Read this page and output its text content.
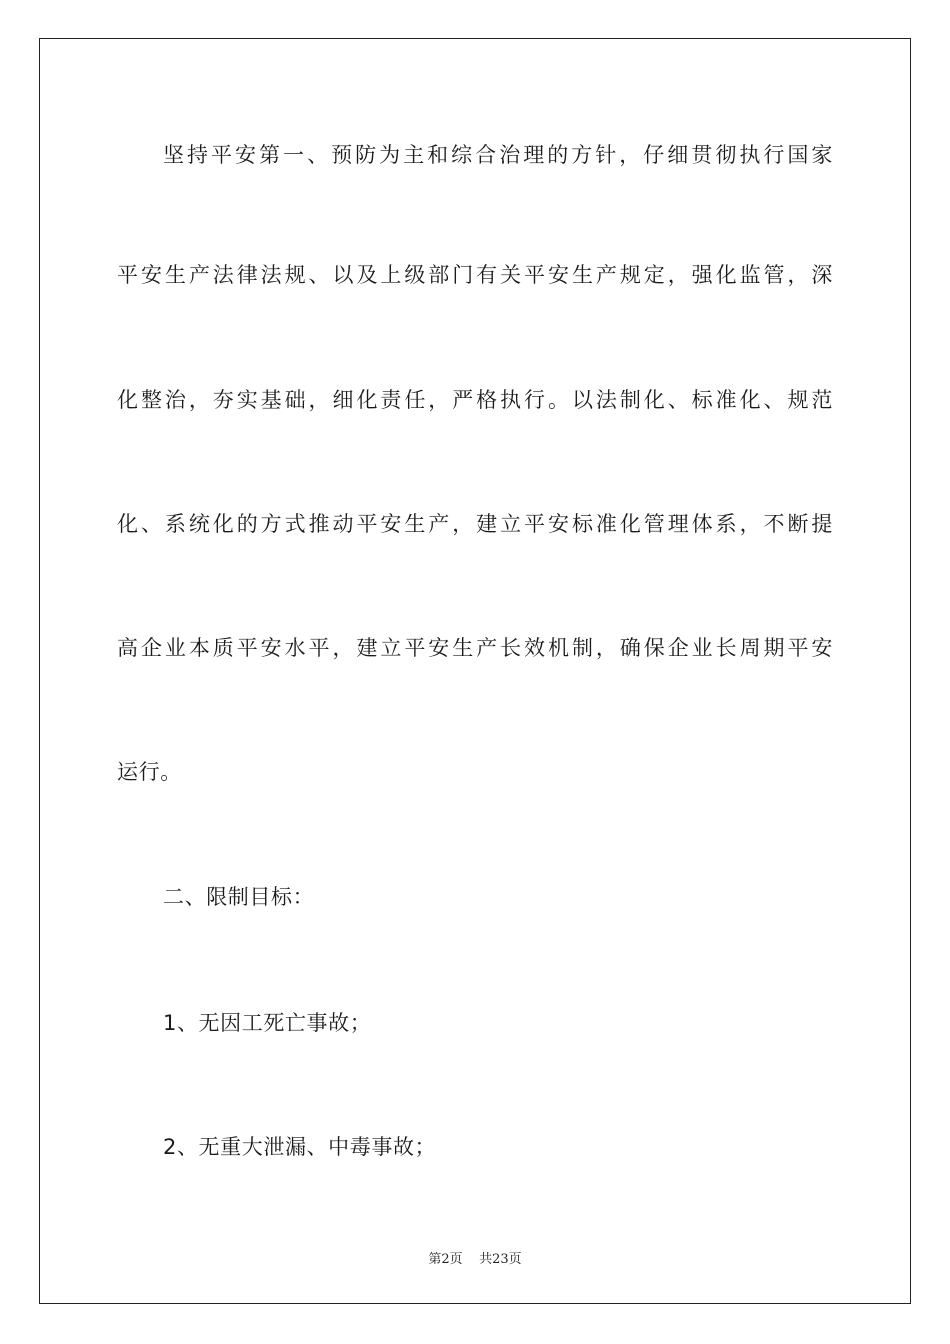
坚持平安第一、预防为主和综合治理的方针，仔细贯彻执行国家

平安生产法律法规、以及上级部门有关平安生产规定，强化监管，深

化整治，夯实基础，细化责任，严格执行。以法制化、标准化、规范

化、系统化的方式推动平安生产，建立平安标准化管理体系，不断提

高企业本质平安水平，建立平安生产长效机制，确保企业长周期平安

运行。

二、限制目标：

1、无因工死亡事故；

2、无重大泄漏、中毒事故；

第2页 共23页
